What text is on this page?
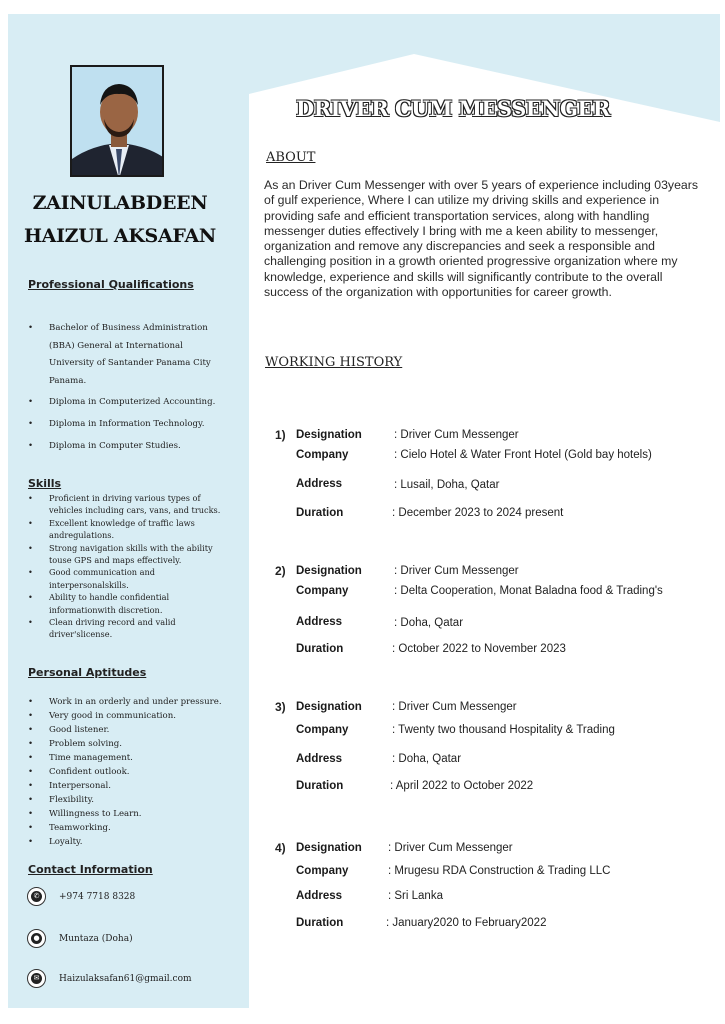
ZAINULABDEEN
HAIZUL AKSAFAN
Professional Qualifications
• Bachelor of Business Administration (BBA) General at International University of Santander Panama City Panama.
• Diploma in Computerized Accounting.
• Diploma in Information Technology.
• Diploma in Computer Studies.
Skills
• Proficient in driving various types of vehicles including cars, vans, and trucks.
• Excellent knowledge of traffic laws andregulations.
• Strong navigation skills with the ability touse GPS and maps effectively.
• Good communication and interpersonalskills.
• Ability to handle confidential informationwith discretion.
• Clean driving record and valid driver'slicense.
Personal Aptitudes
• Work in an orderly and under pressure.
• Very good in communication.
• Good listener.
• Problem solving.
• Time management.
• Confident outlook.
• Interpersonal.
• Flexibility.
• Willingness to Learn.
• Teamworking.
• Loyalty.
Contact Information
✆ +974 7718 8328
● Muntaza (Doha)
✉ Haizulaksafan61@gmail.com
DRIVER CUM MESSENGER
ABOUT
As an Driver Cum Messenger with over 5 years of experience including 03years of gulf experience, Where I can utilize my driving skills and experience in providing safe and efficient transportation services, along with handling messenger duties effectively I bring with me a keen ability to messenger, organization and remove any discrepancies and seek a responsible and challenging position in a growth oriented progressive organization where my knowledge, experience and skills will significantly contribute to the overall success of the organization with opportunities for career growth.
WORKING HISTORY
1) Designation	: Driver Cum Messenger
Company	: Cielo Hotel & Water Front Hotel (Gold bay hotels)
Address	: Lusail, Doha, Qatar
Duration	: December 2023 to 2024 present
2) Designation	: Driver Cum Messenger
Company	: Delta Cooperation, Monat Baladna food & Trading's
Address	: Doha, Qatar
Duration	: October 2022 to November 2023
3) Designation	: Driver Cum Messenger
Company	: Twenty two thousand Hospitality & Trading
Address	: Doha, Qatar
Duration	: April 2022 to October 2022
4) Designation : Driver Cum Messenger
Company	: Mrugesu RDA Construction & Trading LLC
Address	: Sri Lanka
Duration	: January2020 to February2022
